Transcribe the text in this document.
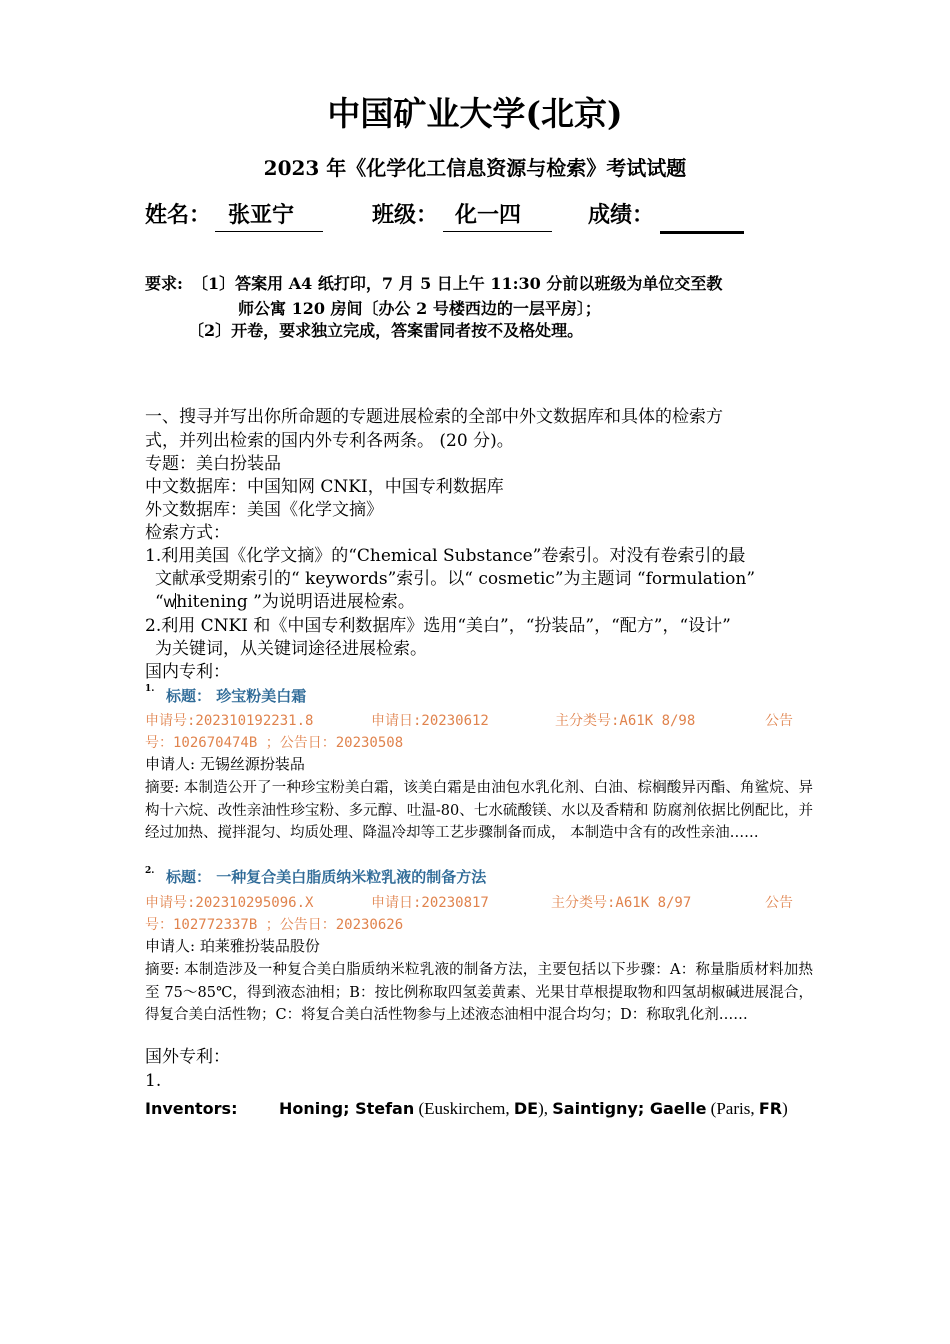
中国矿业大学(北京)
2023 年《化学化工信息资源与检索》考试试题
姓名： 张亚宁	班级： 化一四	成绩：
要求: 〔1〕答案用 A4 纸打印，7 月 5 日上午 11:30 分前以班级为单位交至教
师公寓 120 房间〔办公 2 号楼西边的一层平房〕；
〔2〕开卷，要求独立完成，答案雷同者按不及格处理。
一、搜寻并写出你所命题的专题进展检索的全部中外文数据库和具体的检索方
式，并列出检索的国内外专利各两条。 (20 分)。
专题：美白扮装品
中文数据库：中国知网 CNKI，中国专利数据库
外文数据库：美国《化学文摘》
检索方式：
1.利用美国《化学文摘》的“Chemical Substance”卷索引。对没有卷索引的最
文献承受期索引的“ keywords”索引。以“ cosmetic”为主题词 “formulation”
“whitening ”为说明语进展检索。
2.利用 CNKI 和《中国专利数据库》选用“美白”，“扮装品”，“配方”，“设计”
为关键词，从关键词途径进展检索。
国内专利：
1. 标题： 珍宝粉美白霜
申请号:202310192231.8	申请日:20230612	主分类号:A61K 8/98	公告
号：102670474B ；公告日：20230508
申请人: 无锡丝源扮装品
摘要: 本制造公开了一种珍宝粉美白霜，该美白霜是由油包水乳化剂、白油、棕榈酸异丙酯、角鲨烷、异构十六烷、改性亲油性珍宝粉、多元醇、吐温-80、七水硫酸镁、水以及香精和 防腐剂依据比例配比，并经过加热、搅拌混匀、均质处理、降温冷却等工艺步骤制备而成， 本制造中含有的改性亲油……
2. 标题： 一种复合美白脂质纳米粒乳液的制备方法
申请号:202310295096.X	申请日:20230817	主分类号:A61K 8/97	公告
号：102772337B ；公告日：20230626
申请人: 珀莱雅扮装品股份
摘要: 本制造涉及一种复合美白脂质纳米粒乳液的制备方法，主要包括以下步骤：A：称量脂质材料加热至 75～85℃，得到液态油相；B：按比例称取四氢姜黄素、光果甘草根提取物和四氢胡椒碱进展混合，得复合美白活性物；C：将复合美白活性物参与上述液态油相中混合均匀；D：称取乳化剂……
国外专利：
1.
Inventors:	Honing; Stefan (Euskirchem, DE), Saintigny; Gaelle (Paris, FR)
